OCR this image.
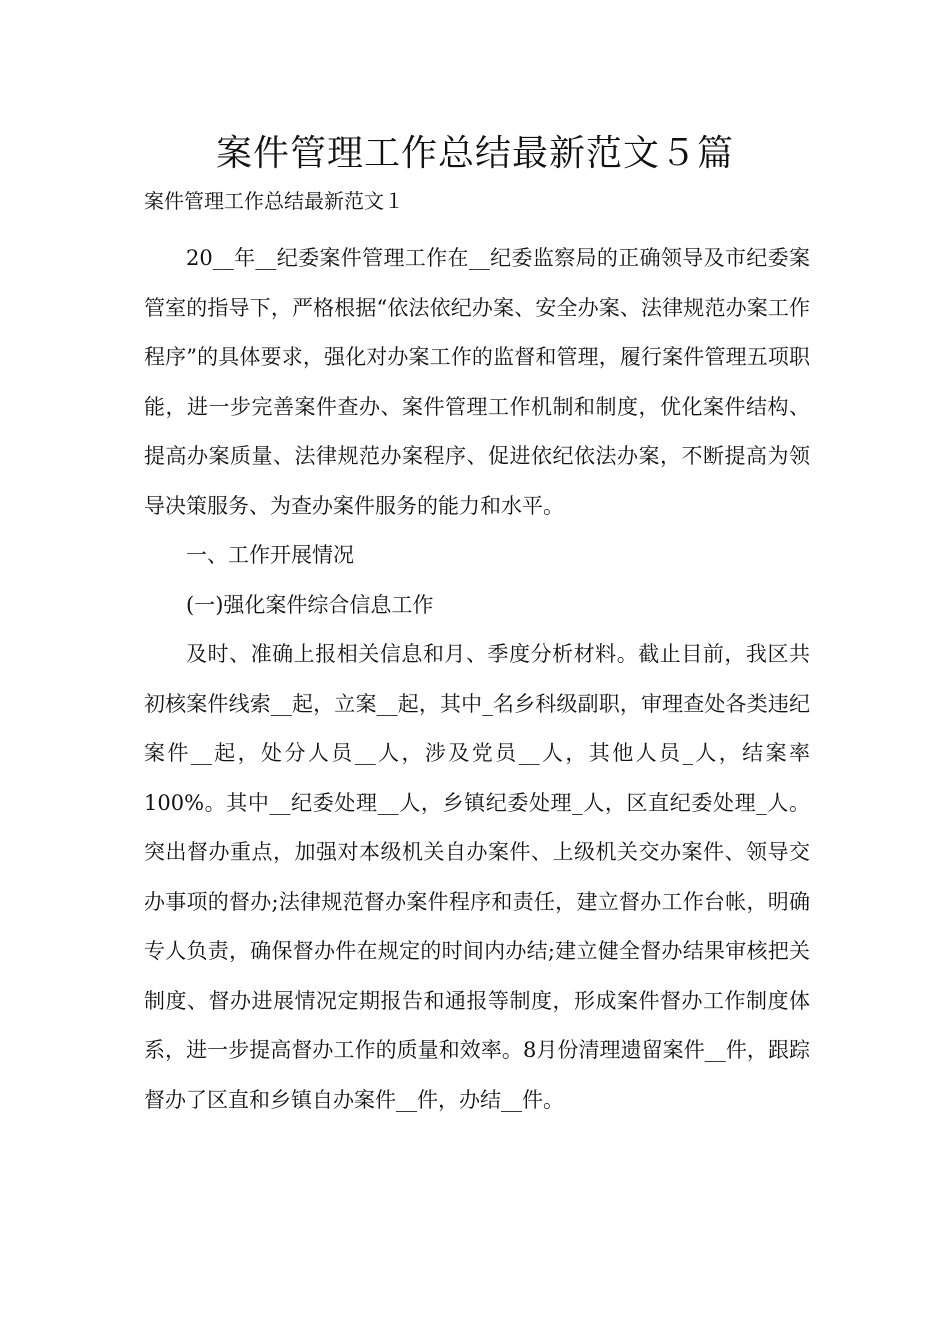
案件管理工作总结最新范文５篇

案件管理工作总结最新范文１

20__年__纪委案件管理工作在__纪委监察局的正确领导及市纪委案管室的指导下，严格根据“依法依纪办案、安全办案、法律规范办案工作程序”的具体要求，强化对办案工作的监督和管理，履行案件管理五项职能，进一步完善案件查办、案件管理工作机制和制度，优化案件结构、提高办案质量、法律规范办案程序、促进依纪依法办案，不断提高为领导决策服务、为查办案件服务的能力和水平。

一、工作开展情况

(一)强化案件综合信息工作

及时、准确上报相关信息和月、季度分析材料。截止目前，我区共初核案件线索__起，立案__起，其中_名乡科级副职，审理查处各类违纪案件__起，处分人员__人，涉及党员__人，其他人员_人，结案率100%。其中__纪委处理__人，乡镇纪委处理_人，区直纪委处理_人。突出督办重点，加强对本级机关自办案件、上级机关交办案件、领导交办事项的督办;法律规范督办案件程序和责任，建立督办工作台帐，明确专人负责，确保督办件在规定的时间内办结;建立健全督办结果审核把关制度、督办进展情况定期报告和通报等制度，形成案件督办工作制度体系，进一步提高督办工作的质量和效率。8月份清理遗留案件__件，跟踪督办了区直和乡镇自办案件__件，办结__件。
